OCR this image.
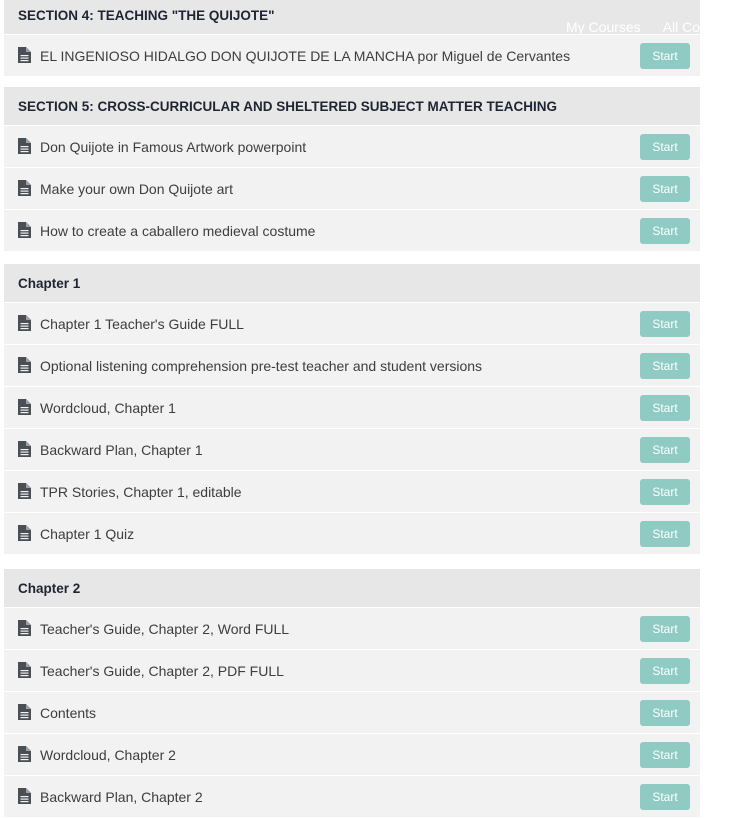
My Courses All Courses
SECTION 4: TEACHING "THE QUIJOTE"
EL INGENIOSO HIDALGO DON QUIJOTE DE LA MANCHA por Miguel de Cervantes	Start
SECTION 5: CROSS-CURRICULAR AND SHELTERED SUBJECT MATTER TEACHING
Don Quijote in Famous Artwork powerpoint	Start
Make your own Don Quijote art	Start
How to create a caballero medieval costume	Start
Chapter 1
Chapter 1 Teacher's Guide FULL	Start
Optional listening comprehension pre-test teacher and student versions	Start
Wordcloud, Chapter 1	Start
Backward Plan, Chapter 1	Start
TPR Stories, Chapter 1, editable	Start
Chapter 1 Quiz	Start
Chapter 2
Teacher's Guide, Chapter 2, Word FULL	Start
Teacher's Guide, Chapter 2, PDF FULL	Start
Contents	Start
Wordcloud, Chapter 2	Start
Backward Plan, Chapter 2	Start
